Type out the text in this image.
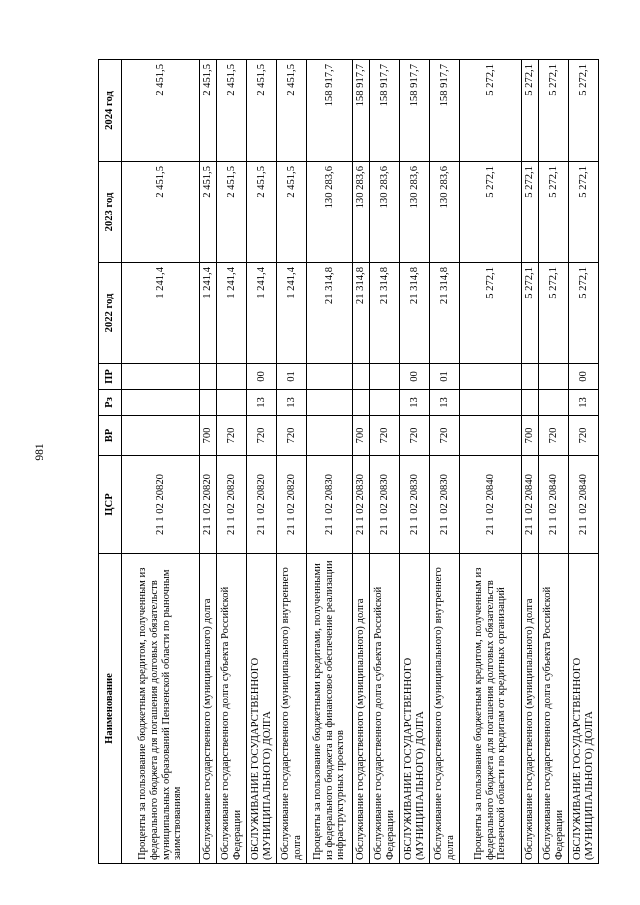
981
Наименование	ЦСР	ВР	Рз	ПР	2022 год	2023 год	2024 год
Проценты за пользование бюджетным кредитом, полученным из федерального бюджета для погашения долговых обязательств муниципальных образований Пензенской области по рыночным заимствованиям	21 1 02 20820				1 241,4	2 451,5	2 451,5
Обслуживание государственного (муниципального) долга	21 1 02 20820	700			1 241,4	2 451,5	2 451,5
Обслуживание государственного долга субъекта Российской Федерации	21 1 02 20820	720			1 241,4	2 451,5	2 451,5
ОБСЛУЖИВАНИЕ ГОСУДАРСТВЕННОГО (МУНИЦИПАЛЬНОГО) ДОЛГА	21 1 02 20820	720	13	00	1 241,4	2 451,5	2 451,5
Обслуживание государственного (муниципального) внутреннего долга	21 1 02 20820	720	13	01	1 241,4	2 451,5	2 451,5
Проценты за пользование бюджетными кредитами, полученными из федерального бюджета на финансовое обеспечение реализации инфраструктурных проектов	21 1 02 20830				21 314,8	130 283,6	158 917,7
Обслуживание государственного (муниципального) долга	21 1 02 20830	700			21 314,8	130 283,6	158 917,7
Обслуживание государственного долга субъекта Российской Федерации	21 1 02 20830	720			21 314,8	130 283,6	158 917,7
ОБСЛУЖИВАНИЕ ГОСУДАРСТВЕННОГО (МУНИЦИПАЛЬНОГО) ДОЛГА	21 1 02 20830	720	13	00	21 314,8	130 283,6	158 917,7
Обслуживание государственного (муниципального) внутреннего долга	21 1 02 20830	720	13	01	21 314,8	130 283,6	158 917,7
Проценты за пользование бюджетным кредитом, полученным из федерального бюджета для погашения долговых обязательств Пензенской области по кредитам от кредитных организаций	21 1 02 20840				5 272,1	5 272,1	5 272,1
Обслуживание государственного (муниципального) долга	21 1 02 20840	700			5 272,1	5 272,1	5 272,1
Обслуживание государственного долга субъекта Российской Федерации	21 1 02 20840	720			5 272,1	5 272,1	5 272,1
ОБСЛУЖИВАНИЕ ГОСУДАРСТВЕННОГО (МУНИЦИПАЛЬНОГО) ДОЛГА	21 1 02 20840	720	13	00	5 272,1	5 272,1	5 272,1
